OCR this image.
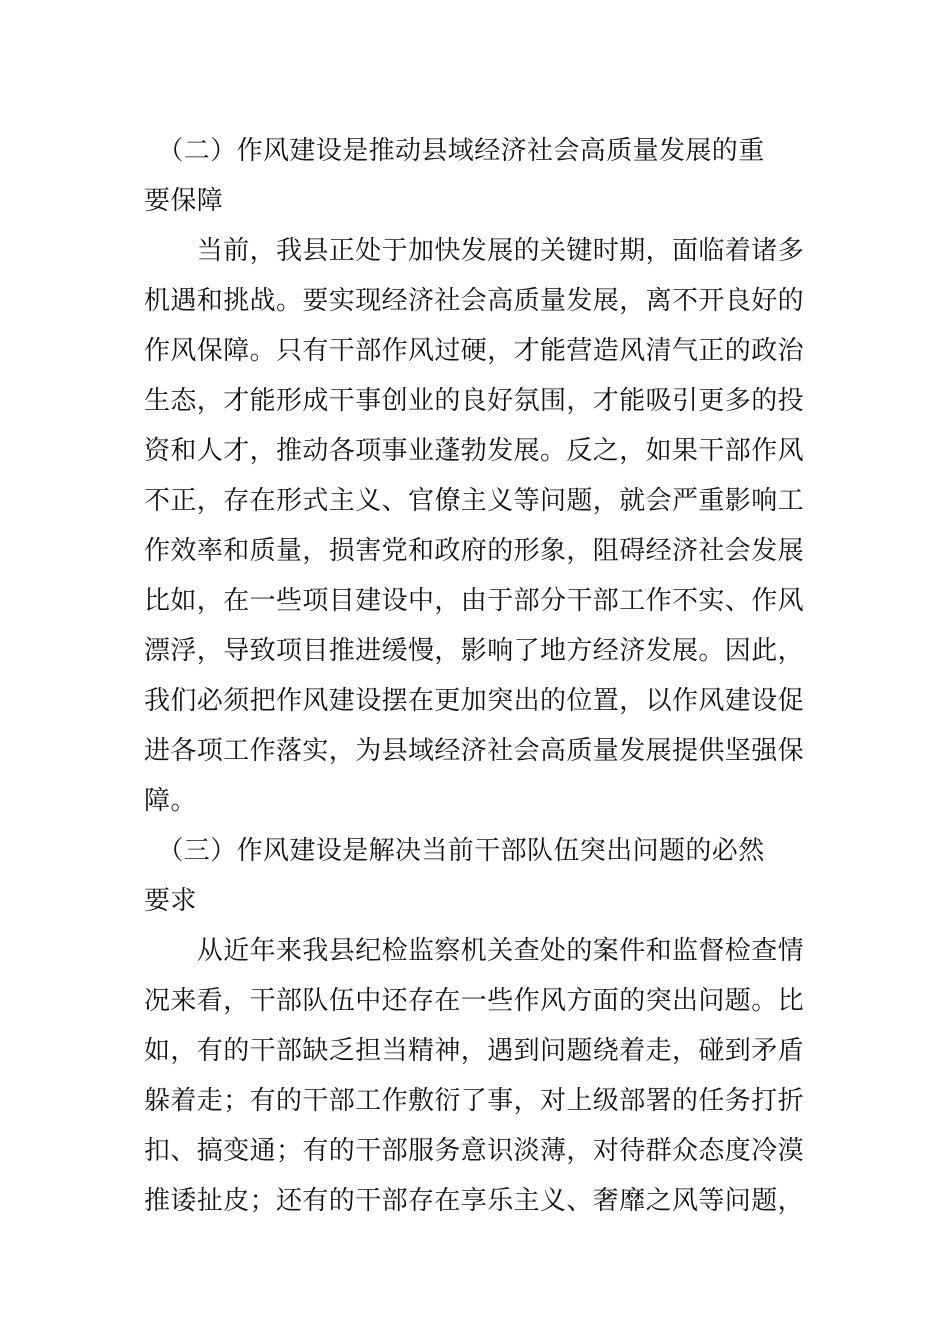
　（二）作风建设是推动县域经济社会高质量发展的重
要保障
　　当前，我县正处于加快发展的关键时期，面临着诸多
机遇和挑战。要实现经济社会高质量发展，离不开良好的
作风保障。只有干部作风过硬，才能营造风清气正的政治
生态，才能形成干事创业的良好氛围，才能吸引更多的投
资和人才，推动各项事业蓬勃发展。反之，如果干部作风
不正，存在形式主义、官僚主义等问题，就会严重影响工
作效率和质量，损害党和政府的形象，阻碍经济社会发展
比如，在一些项目建设中，由于部分干部工作不实、作风
漂浮，导致项目推进缓慢，影响了地方经济发展。因此，
我们必须把作风建设摆在更加突出的位置，以作风建设促
进各项工作落实，为县域经济社会高质量发展提供坚强保
障。
　（三）作风建设是解决当前干部队伍突出问题的必然
要求
　　从近年来我县纪检监察机关查处的案件和监督检查情
况来看，干部队伍中还存在一些作风方面的突出问题。比
如，有的干部缺乏担当精神，遇到问题绕着走，碰到矛盾
躲着走；有的干部工作敷衍了事，对上级部署的任务打折
扣、搞变通；有的干部服务意识淡薄，对待群众态度冷漠
推诿扯皮；还有的干部存在享乐主义、奢靡之风等问题，
